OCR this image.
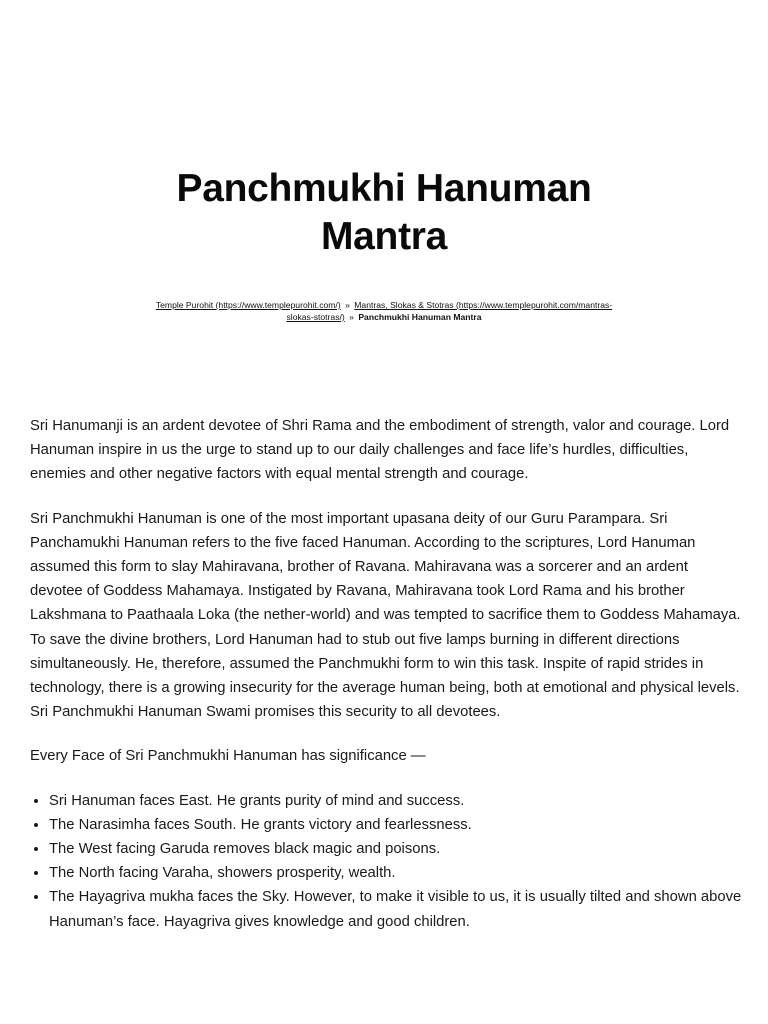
Panchmukhi Hanuman Mantra
Temple Purohit (https://www.templepurohit.com/) » Mantras, Slokas & Stotras (https://www.templepurohit.com/mantras-slokas-stotras/) » Panchmukhi Hanuman Mantra

Sri Hanumanji is an ardent devotee of Shri Rama and the embodiment of strength, valor and courage. Lord Hanuman inspire in us the urge to stand up to our daily challenges and face life’s hurdles, difficulties, enemies and other negative factors with equal mental strength and courage.

Sri Panchmukhi Hanuman is one of the most important upasana deity of our Guru Parampara. Sri Panchamukhi Hanuman refers to the five faced Hanuman. According to the scriptures, Lord Hanuman assumed this form to slay Mahiravana, brother of Ravana. Mahiravana was a sorcerer and an ardent devotee of Goddess Mahamaya. Instigated by Ravana, Mahiravana took Lord Rama and his brother Lakshmana to Paathaala Loka (the nether-world) and was tempted to sacrifice them to Goddess Mahamaya. To save the divine brothers, Lord Hanuman had to stub out five lamps burning in different directions simultaneously. He, therefore, assumed the Panchmukhi form to win this task. Inspite of rapid strides in technology, there is a growing insecurity for the average human being, both at emotional and physical levels. Sri Panchmukhi Hanuman Swami promises this security to all devotees.

Every Face of Sri Panchmukhi Hanuman has significance —

• Sri Hanuman faces East. He grants purity of mind and success.
• The Narasimha faces South. He grants victory and fearlessness.
• The West facing Garuda removes black magic and poisons.
• The North facing Varaha, showers prosperity, wealth.
• The Hayagriva mukha faces the Sky. However, to make it visible to us, it is usually tilted and shown above Hanuman’s face. Hayagriva gives knowledge and good children.
